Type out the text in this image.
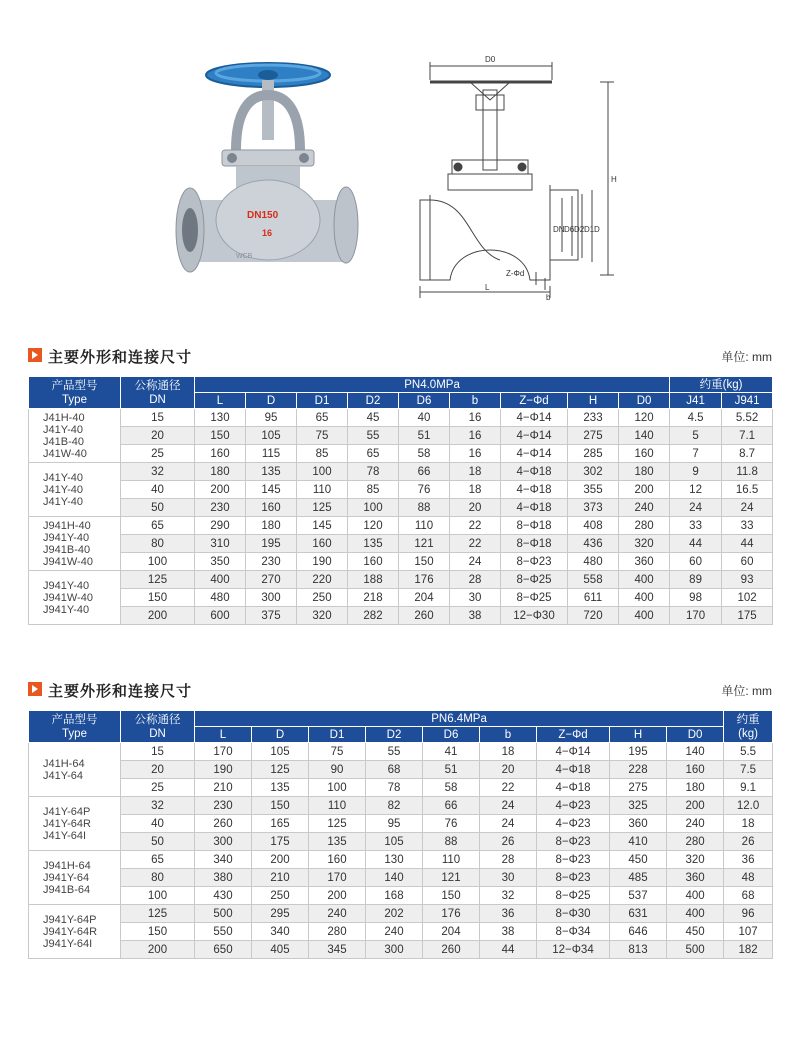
DN150
16
WCB
D0
H
L
Z-Φd
b
DN D6 D2 D1 D
主要外形和连接尺寸	单位: mm
产品型号
Type	公称通径
DN	PN4.0MPa									约重(kg)	
		L	D	D1	D2	D6	b	Z−Φd	H	D0	J41	J941

J41H-40
J41Y-40
J41B-40
J41W-40	15	130	95	65	45	40	16	4−Φ14	233	120	4.5	5.52
	20	150	105	75	55	51	16	4−Φ14	275	140	5	7.1
	25	160	115	85	65	58	16	4−Φ14	285	160	7	8.7

J41Y-40
J41Y-40
J41Y-40	32	180	135	100	78	66	18	4−Φ18	302	180	9	11.8
	40	200	145	110	85	76	18	4−Φ18	355	200	12	16.5
	50	230	160	125	100	88	20	4−Φ18	373	240	24	24

J941H-40
J941Y-40
J941B-40
J941W-40	65	290	180	145	120	110	22	8−Φ18	408	280	33	33
	80	310	195	160	135	121	22	8−Φ18	436	320	44	44
	100	350	230	190	160	150	24	8−Φ23	480	360	60	60

J941Y-40
J941W-40
J941Y-40	125	400	270	220	188	176	28	8−Φ25	558	400	89	93
	150	480	300	250	218	204	30	8−Φ25	611	400	98	102
	200	600	375	320	282	260	38	12−Φ30	720	400	170	175
主要外形和连接尺寸	单位: mm
产品型号
Type	公称通径
DN	PN6.4MPa									约重
(kg)

		L	D	D1	D2	D6	b	Z−Φd	H	D0	

J41H-64
J41Y-64	15	170	105	75	55	41	18	4−Φ14	195	140	5.5
	20	190	125	90	68	51	20	4−Φ18	228	160	7.5
	25	210	135	100	78	58	22	4−Φ18	275	180	9.1

J41Y-64P
J41Y-64R
J41Y-64I	32	230	150	110	82	66	24	4−Φ23	325	200	12.0
	40	260	165	125	95	76	24	4−Φ23	360	240	18
	50	300	175	135	105	88	26	8−Φ23	410	280	26

J941H-64
J941Y-64
J941B-64	65	340	200	160	130	110	28	8−Φ23	450	320	36
	80	380	210	170	140	121	30	8−Φ23	485	360	48
	100	430	250	200	168	150	32	8−Φ25	537	400	68

J941Y-64P
J941Y-64R
J941Y-64I	125	500	295	240	202	176	36	8−Φ30	631	400	96
	150	550	340	280	240	204	38	8−Φ34	646	450	107
	200	650	405	345	300	260	44	12−Φ34	813	500	182
